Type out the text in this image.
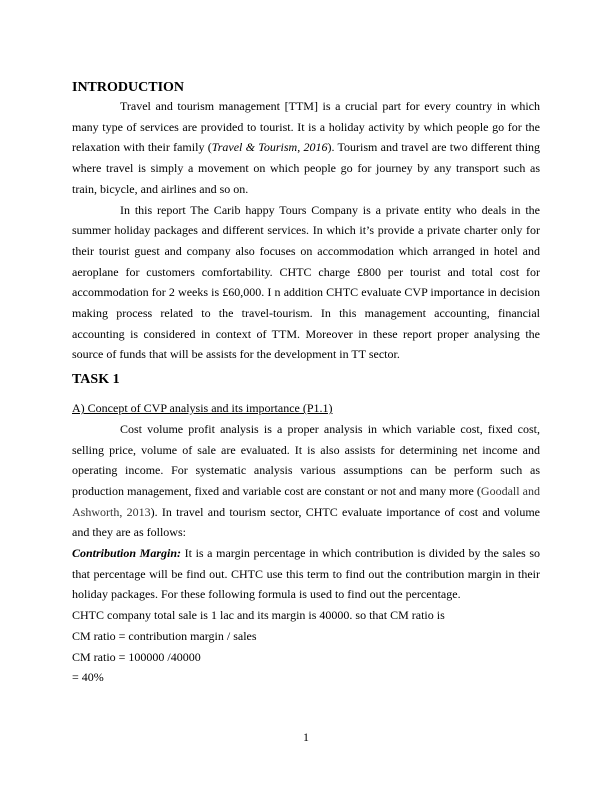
INTRODUCTION

Travel and tourism management [TTM] is a crucial part for every country in which many type of services are provided to tourist. It is a holiday activity by which people go for the relaxation with their family (Travel & Tourism, 2016). Tourism and travel are two different thing where travel is simply a movement on which people go for journey by any transport such as train, bicycle, and airlines and so on.

In this report The Carib happy Tours Company is a private entity who deals in the summer holiday packages and different services. In which it’s provide a private charter only for their tourist guest and company also focuses on accommodation which arranged in hotel and aeroplane for customers comfortability. CHTC charge £800 per tourist and total cost for accommodation for 2 weeks is £60,000. I n addition CHTC evaluate CVP importance in decision making process related to the travel-tourism. In this management accounting, financial accounting is considered in context of TTM. Moreover in these report proper analysing the source of funds that will be assists for the development in TT sector.

TASK 1

A) Concept of CVP analysis and its importance (P1.1)

Cost volume profit analysis is a proper analysis in which variable cost, fixed cost, selling price, volume of sale are evaluated. It is also assists for determining net income and operating income. For systematic analysis various assumptions can be perform such as production management, fixed and variable cost are constant or not and many more (Goodall and Ashworth, 2013). In travel and tourism sector, CHTC evaluate importance of cost and volume and they are as follows:

Contribution Margin: It is a margin percentage in which contribution is divided by the sales so that percentage will be find out. CHTC use this term to find out the contribution margin in their holiday packages. For these following formula is used to find out the percentage.

CHTC company total sale is 1 lac and its margin is 40000. so that CM ratio is

CM ratio = contribution margin / sales

CM ratio = 100000 /40000

= 40%

1
